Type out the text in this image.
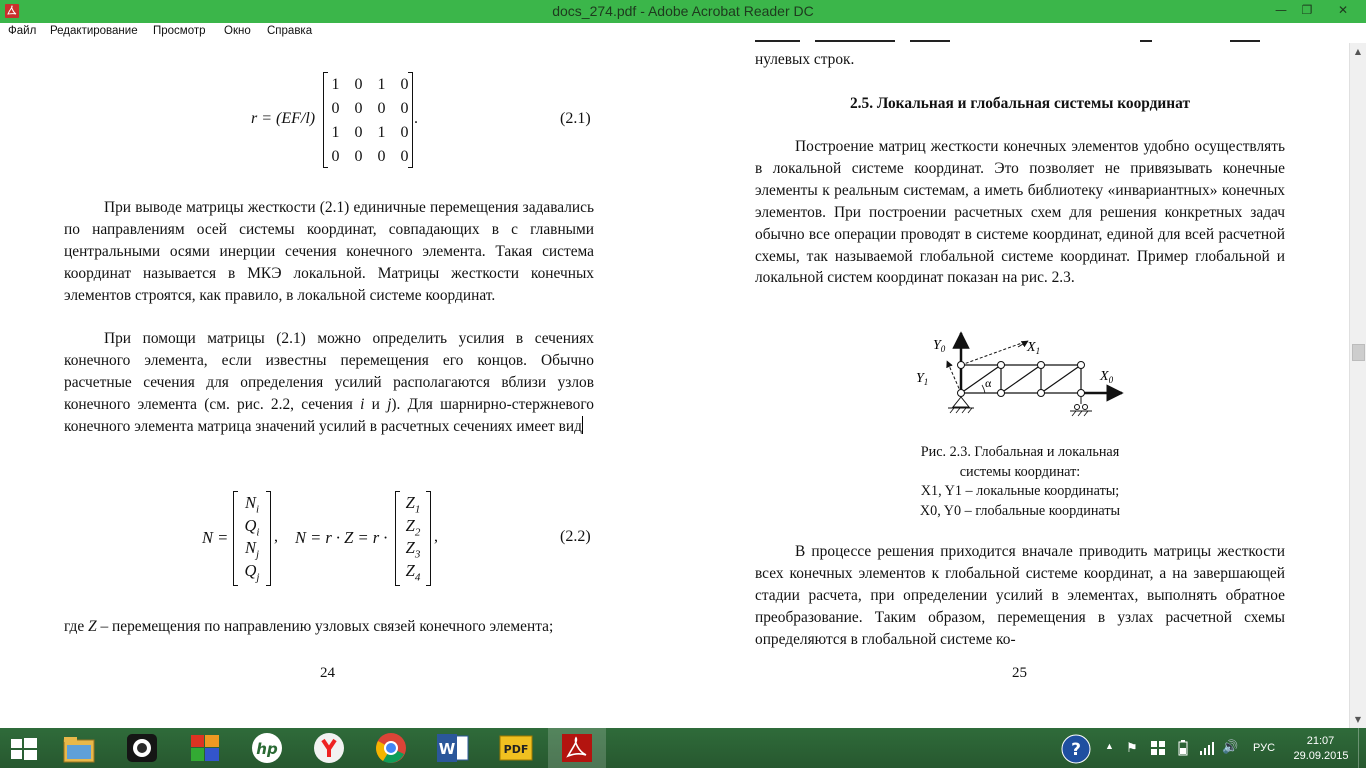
docs_274.pdf - Adobe Acrobat Reader DC	—	❐	✕
Файл Редактирование Просмотр Окно Справка
r = (EF/l)
1 0 1 0
0 0 0 0
1 0 1 0
0 0 0 0
.	(2.1)
При выводе матрицы жесткости (2.1) единичные перемещения задавались по направлениям осей системы координат, совпадающих в с главными центральными осями инерции сечения конечного элемента. Такая система координат называется в МКЭ локальной. Матрицы жесткости конечных элементов строятся, как правило, в локальной системе координат.
При помощи матрицы (2.1) можно определить усилия в сечениях конечного элемента, если известны перемещения его концов. Обычно расчетные сечения для определения усилий располагаются вблизи узлов конечного элемента (см. рис. 2.2, сечения i и j). Для шарнирно-стержневого конечного элемента матрица значений усилий в расчетных сечениях имеет вид
N =
$N_i$
$Q_i$
$N_j$
$Q_j$
, N = r · Z = r ·
$Z_1$
$Z_2$
$Z_3$
$Z_4$
,	(2.2)
где Z – перемещения по направлению узловых связей конечного элемента;
24
нулевых строк.
2.5. Локальная и глобальная системы координат
Построение матриц жесткости конечных элементов удобно осуществлять в локальной системе координат. Это позволяет не привязывать конечные элементы к реальным системам, а иметь библиотеку «инвариантных» конечных элементов. При построении расчетных схем для решения конкретных задач обычно все операции проводят в системе координат, единой для всей расчетной схемы, так называемой глобальной системе координат. Пример глобальной и локальной систем координат показан на рис. 2.3.
$Y_0$	$X_1$
$Y_1$	$X_0$
α
Рис. 2.3. Глобальная и локальная
системы координат:
X1, Y1 – локальные координаты;
X0, Y0 – глобальные координаты
В процессе решения приходится вначале приводить матрицы жесткости всех конечных элементов к глобальной системе координат, а на завершающей стадии расчета, при определении усилий в элементах, выполнять обратное преобразование. Таким образом, перемещения в узлах расчетной схемы определяются в глобальной системе ко-
25
▲
▼
hp	W	PDF	?	▲ ⚑	🔊 РУС
21:07
29.09.2015
